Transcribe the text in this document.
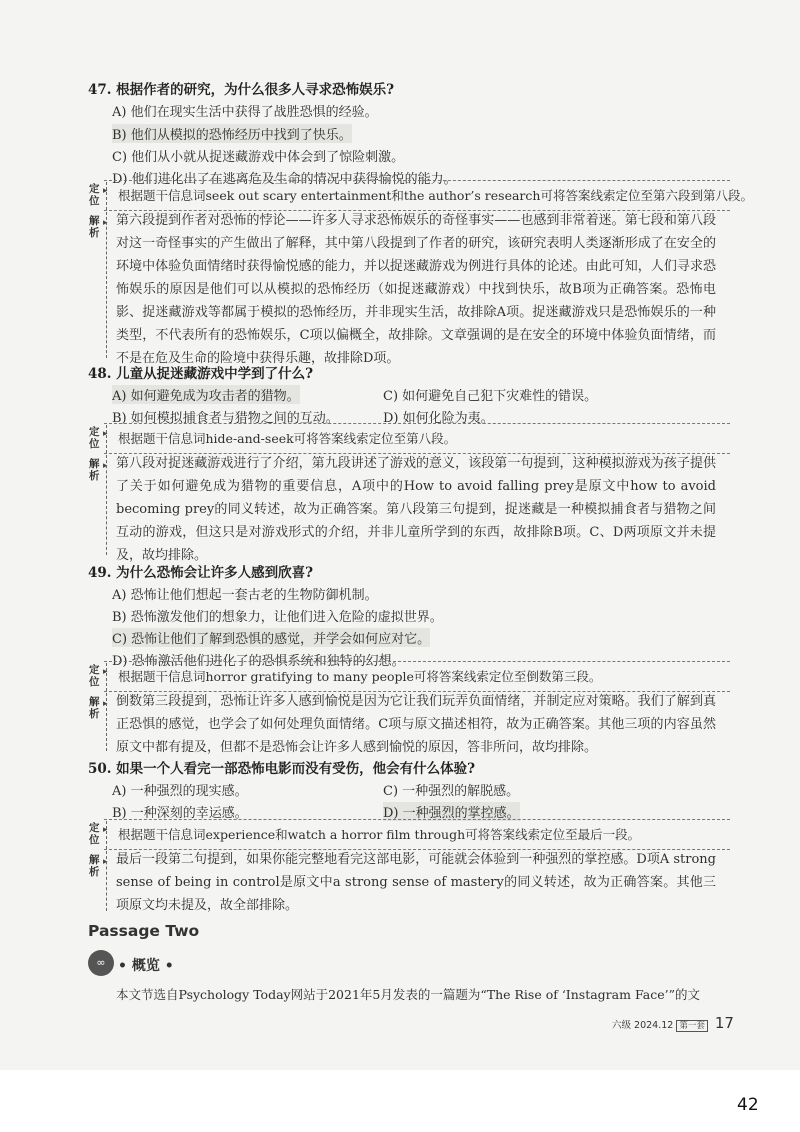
47. 根据作者的研究，为什么很多人寻求恐怖娱乐?
A) 他们在现实生活中获得了战胜恐惧的经验。
B) 他们从模拟的恐怖经历中找到了快乐。
C) 他们从小就从捉迷藏游戏中体会到了惊险刺激。
D) 他们进化出了在逃离危及生命的情况中获得愉悦的能力。
定位
▸ 根据题干信息词seek out scary entertainment和the author’s research可将答案线索定位至第六段到第八段。
解析
▸ 第六段提到作者对恐怖的悖论——许多人寻求恐怖娱乐的奇怪事实——也感到非常着迷。第七段和第八段对这一奇怪事实的产生做出了解释，其中第八段提到了作者的研究，该研究表明人类逐渐形成了在安全的环境中体验负面情绪时获得愉悦感的能力，并以捉迷藏游戏为例进行具体的论述。由此可知，人们寻求恐怖娱乐的原因是他们可以从模拟的恐怖经历（如捉迷藏游戏）中找到快乐，故B项为正确答案。恐怖电影、捉迷藏游戏等都属于模拟的恐怖经历，并非现实生活，故排除A项。捉迷藏游戏只是恐怖娱乐的一种类型，不代表所有的恐怖娱乐，C项以偏概全，故排除。文章强调的是在安全的环境中体验负面情绪，而不是在危及生命的险境中获得乐趣，故排除D项。
48. 儿童从捉迷藏游戏中学到了什么?
A) 如何避免成为攻击者的猎物。	C) 如何避免自己犯下灾难性的错误。
B) 如何模拟捕食者与猎物之间的互动。	D) 如何化险为夷。
定位
▸ 根据题干信息词hide-and-seek可将答案线索定位至第八段。
解析
▸ 第八段对捉迷藏游戏进行了介绍，第九段讲述了游戏的意义，该段第一句提到，这种模拟游戏为孩子提供了关于如何避免成为猎物的重要信息，A项中的How to avoid falling prey是原文中how to avoid becoming prey的同义转述，故为正确答案。第八段第三句提到，捉迷藏是一种模拟捕食者与猎物之间互动的游戏，但这只是对游戏形式的介绍，并非儿童所学到的东西，故排除B项。C、D两项原文并未提及，故均排除。
49. 为什么恐怖会让许多人感到欣喜?
A) 恐怖让他们想起一套古老的生物防御机制。
B) 恐怖激发他们的想象力，让他们进入危险的虚拟世界。
C) 恐怖让他们了解到恐惧的感觉，并学会如何应对它。
D) 恐怖激活他们进化了的恐惧系统和独特的幻想。
定位
▸ 根据题干信息词horror gratifying to many people可将答案线索定位至倒数第三段。
解析
▸ 倒数第三段提到，恐怖让许多人感到愉悦是因为它让我们玩弄负面情绪，并制定应对策略。我们了解到真正恐惧的感觉，也学会了如何处理负面情绪。C项与原文描述相符，故为正确答案。其他三项的内容虽然原文中都有提及，但都不是恐怖会让许多人感到愉悦的原因，答非所问，故均排除。
50. 如果一个人看完一部恐怖电影而没有受伤，他会有什么体验?
A) 一种强烈的现实感。	C) 一种强烈的解脱感。
B) 一种深刻的幸运感。	D) 一种强烈的掌控感。
定位
▸ 根据题干信息词experience和watch a horror film through可将答案线索定位至最后一段。
解析
▸ 最后一段第二句提到，如果你能完整地看完这部电影，可能就会体验到一种强烈的掌控感。D项A strong sense of being in control是原文中a strong sense of mastery的同义转述，故为正确答案。其他三项原文均未提及，故全部排除。
Passage Two
∞ • 概览 •
本文节选自Psychology Today网站于2021年5月发表的一篇题为“The Rise of ‘Instagram Face’”的文
六级 2024.12 第一套 17
42
